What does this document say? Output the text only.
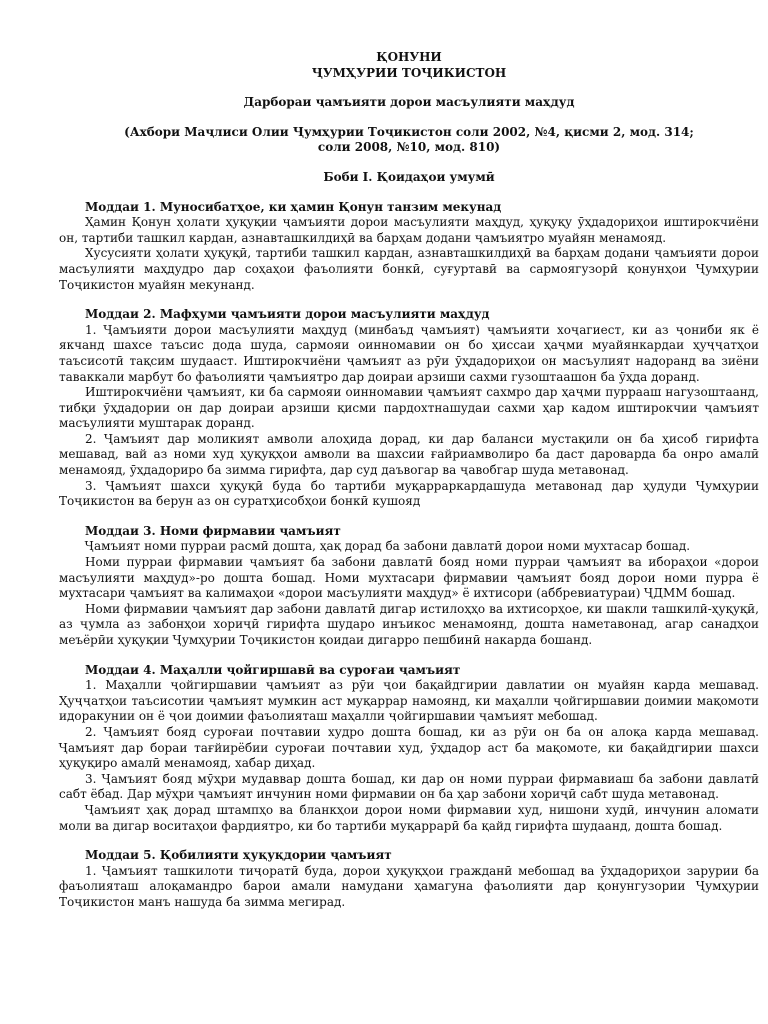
ҚОНУНИ

ҶУМҲУРИИ ТОҶИКИСТОН

Дарбораи ҷамъияти дорои масъулияти маҳдуд

(Ахбори Маҷлиси Олии Ҷумҳурии Тоҷикистон соли 2002, №4, қисми 2, мод. 314;

соли 2008, №10, мод. 810)

Боби I. Қоидаҳои умумӣ

Моддаи 1. Муносибатҳое, ки ҳамин Қонун танзим мекунад

Ҳамин Қонун ҳолати ҳуқуқии ҷамъияти дорои масъулияти маҳдуд, ҳуқуқу ӯҳдадориҳои иштирокчиёни он, тартиби ташкил кардан, азнавташкилдиҳӣ ва барҳам додани ҷамъиятро муайян менамояд.

Хусусияти ҳолати ҳуқуқӣ, тартиби ташкил кардан, азнавташкилдиҳӣ ва барҳам додани ҷамъияти дорои масъулияти маҳдудро дар соҳаҳои фаъолияти бонкӣ, суғуртавӣ ва сармоягузорӣ қонунҳои Ҷумҳурии Тоҷикистон муайян мекунанд.

Моддаи 2. Мафҳуми ҷамъияти дорои масъулияти маҳдуд

1. Ҷамъияти дорои масъулияти маҳдуд (минбаъд ҷамъият) ҷамъияти хоҷагиест, ки аз ҷониби як ё якчанд шахсе таъсис дода шуда, сармояи оинномавии он бо ҳиссаи ҳаҷми муайянкардаи ҳуҷҷатҳои таъсисотӣ тақсим шудааст. Иштирокчиёни ҷамъият аз рӯи ӯҳдадориҳои он масъулият надоранд ва зиёни таваккали марбут бо фаъолияти ҷамъиятро дар доираи арзиши сахми гузоштаашон ба ӯҳда доранд.

Иштирокчиёни ҷамъият, ки ба сармояи оинномавии ҷамъият сахмро дар ҳаҷми пуррааш нагузоштаанд, тибқи ӯҳдадории он дар доираи арзиши қисми пардохтнашудаи сахми ҳар кадом иштирокчии ҷамъият масъулияти муштарак доранд.

2. Ҷамъият дар моликият амволи алоҳида дорад, ки дар баланси мустақили он ба ҳисоб гирифта мешавад, вай аз номи худ ҳуқуқҳои амволи ва шахсии ғайриамволиро ба даст дароварда ба онро амалӣ менамояд, ӯҳдадориро ба зимма гирифта, дар суд даъвогар ва ҷавобгар шуда метавонад.

3. Ҷамъият шахси ҳуқуқӣ буда бо тартиби муқарраркардашуда метавонад дар ҳудуди Ҷумҳурии Тоҷикистон ва берун аз он суратҳисобҳои бонкӣ кушояд

Моддаи 3. Номи фирмавии ҷамъият

Ҷамъият номи пурраи расмӣ дошта, ҳақ дорад ба забони давлатӣ дорои номи мухтасар бошад.

Номи пурраи фирмавии ҷамъият ба забони давлатӣ бояд номи пурраи ҷамъият ва ибораҳои «дорои масъулияти маҳдуд»-ро дошта бошад. Номи мухтасари фирмавии ҷамъият бояд дорои номи пурра ё мухтасари ҷамъият ва калимаҳои «дорои масъулияти маҳдуд» ё ихтисори (аббревиатураи) ҶДММ бошад.

Номи фирмавии ҷамъият дар забони давлатӣ дигар истилоҳҳо ва ихтисорҳое, ки шакли ташкилӣ-ҳуқуқӣ, аз ҷумла аз забонҳои хориҷӣ гирифта шударо инъикос менамоянд, дошта наметавонад, агар санадҳои меъёрӣи ҳуқуқии Ҷумҳурии Тоҷикистон қоидаи дигарро пешбинӣ накарда бошанд.

Моддаи 4. Маҳалли ҷойгиршавӣ ва суроғаи ҷамъият

1. Маҳалли ҷойгиршавии ҷамъият аз рӯи ҷои бақайдгирии давлатии он муайян карда мешавад. Ҳуҷҷатҳои таъсисотии ҷамъият мумкин аст муқаррар намоянд, ки маҳалли ҷойгиршавии доимии мақомоти идоракунии он ё ҷои доимии фаъолияташ маҳалли ҷойгиршавии ҷамъият мебошад.

2. Ҷамъият бояд суроғаи почтавии худро дошта бошад, ки аз рӯи он ба он алоқа карда мешавад. Ҷамъият дар бораи тағйирёбии суроғаи почтавии худ, ӯҳдадор аст ба мақомоте, ки бақайдгирии шахси ҳуқуқиро амалӣ менамояд, хабар диҳад.

3. Ҷамъият бояд мӯҳри мудаввар дошта бошад, ки дар он номи пурраи фирмавиаш ба забони давлатӣ сабт ёбад. Дар мӯҳри ҷамъият инчунин номи фирмавии он ба ҳар забони хориҷӣ сабт шуда метавонад.

Ҷамъият ҳақ дорад штампҳо ва бланкҳои дорои номи фирмавии худ, нишони худӣ, инчунин аломати моли ва дигар воситаҳои фардиятро, ки бо тартиби муқаррарӣ ба қайд гирифта шудаанд, дошта бошад.

Моддаи 5. Қобилияти ҳуқуқдории ҷамъият

1. Ҷамъият ташкилоти тиҷоратӣ буда, дорои ҳуқуқҳои гражданӣ мебошад ва ӯҳдадориҳои зарурии ба фаъолияташ алоқамандро барои амали намудани ҳамагуна фаъолияти дар қонунгузории Ҷумҳурии Тоҷикистон манъ нашуда ба зимма мегирад.
